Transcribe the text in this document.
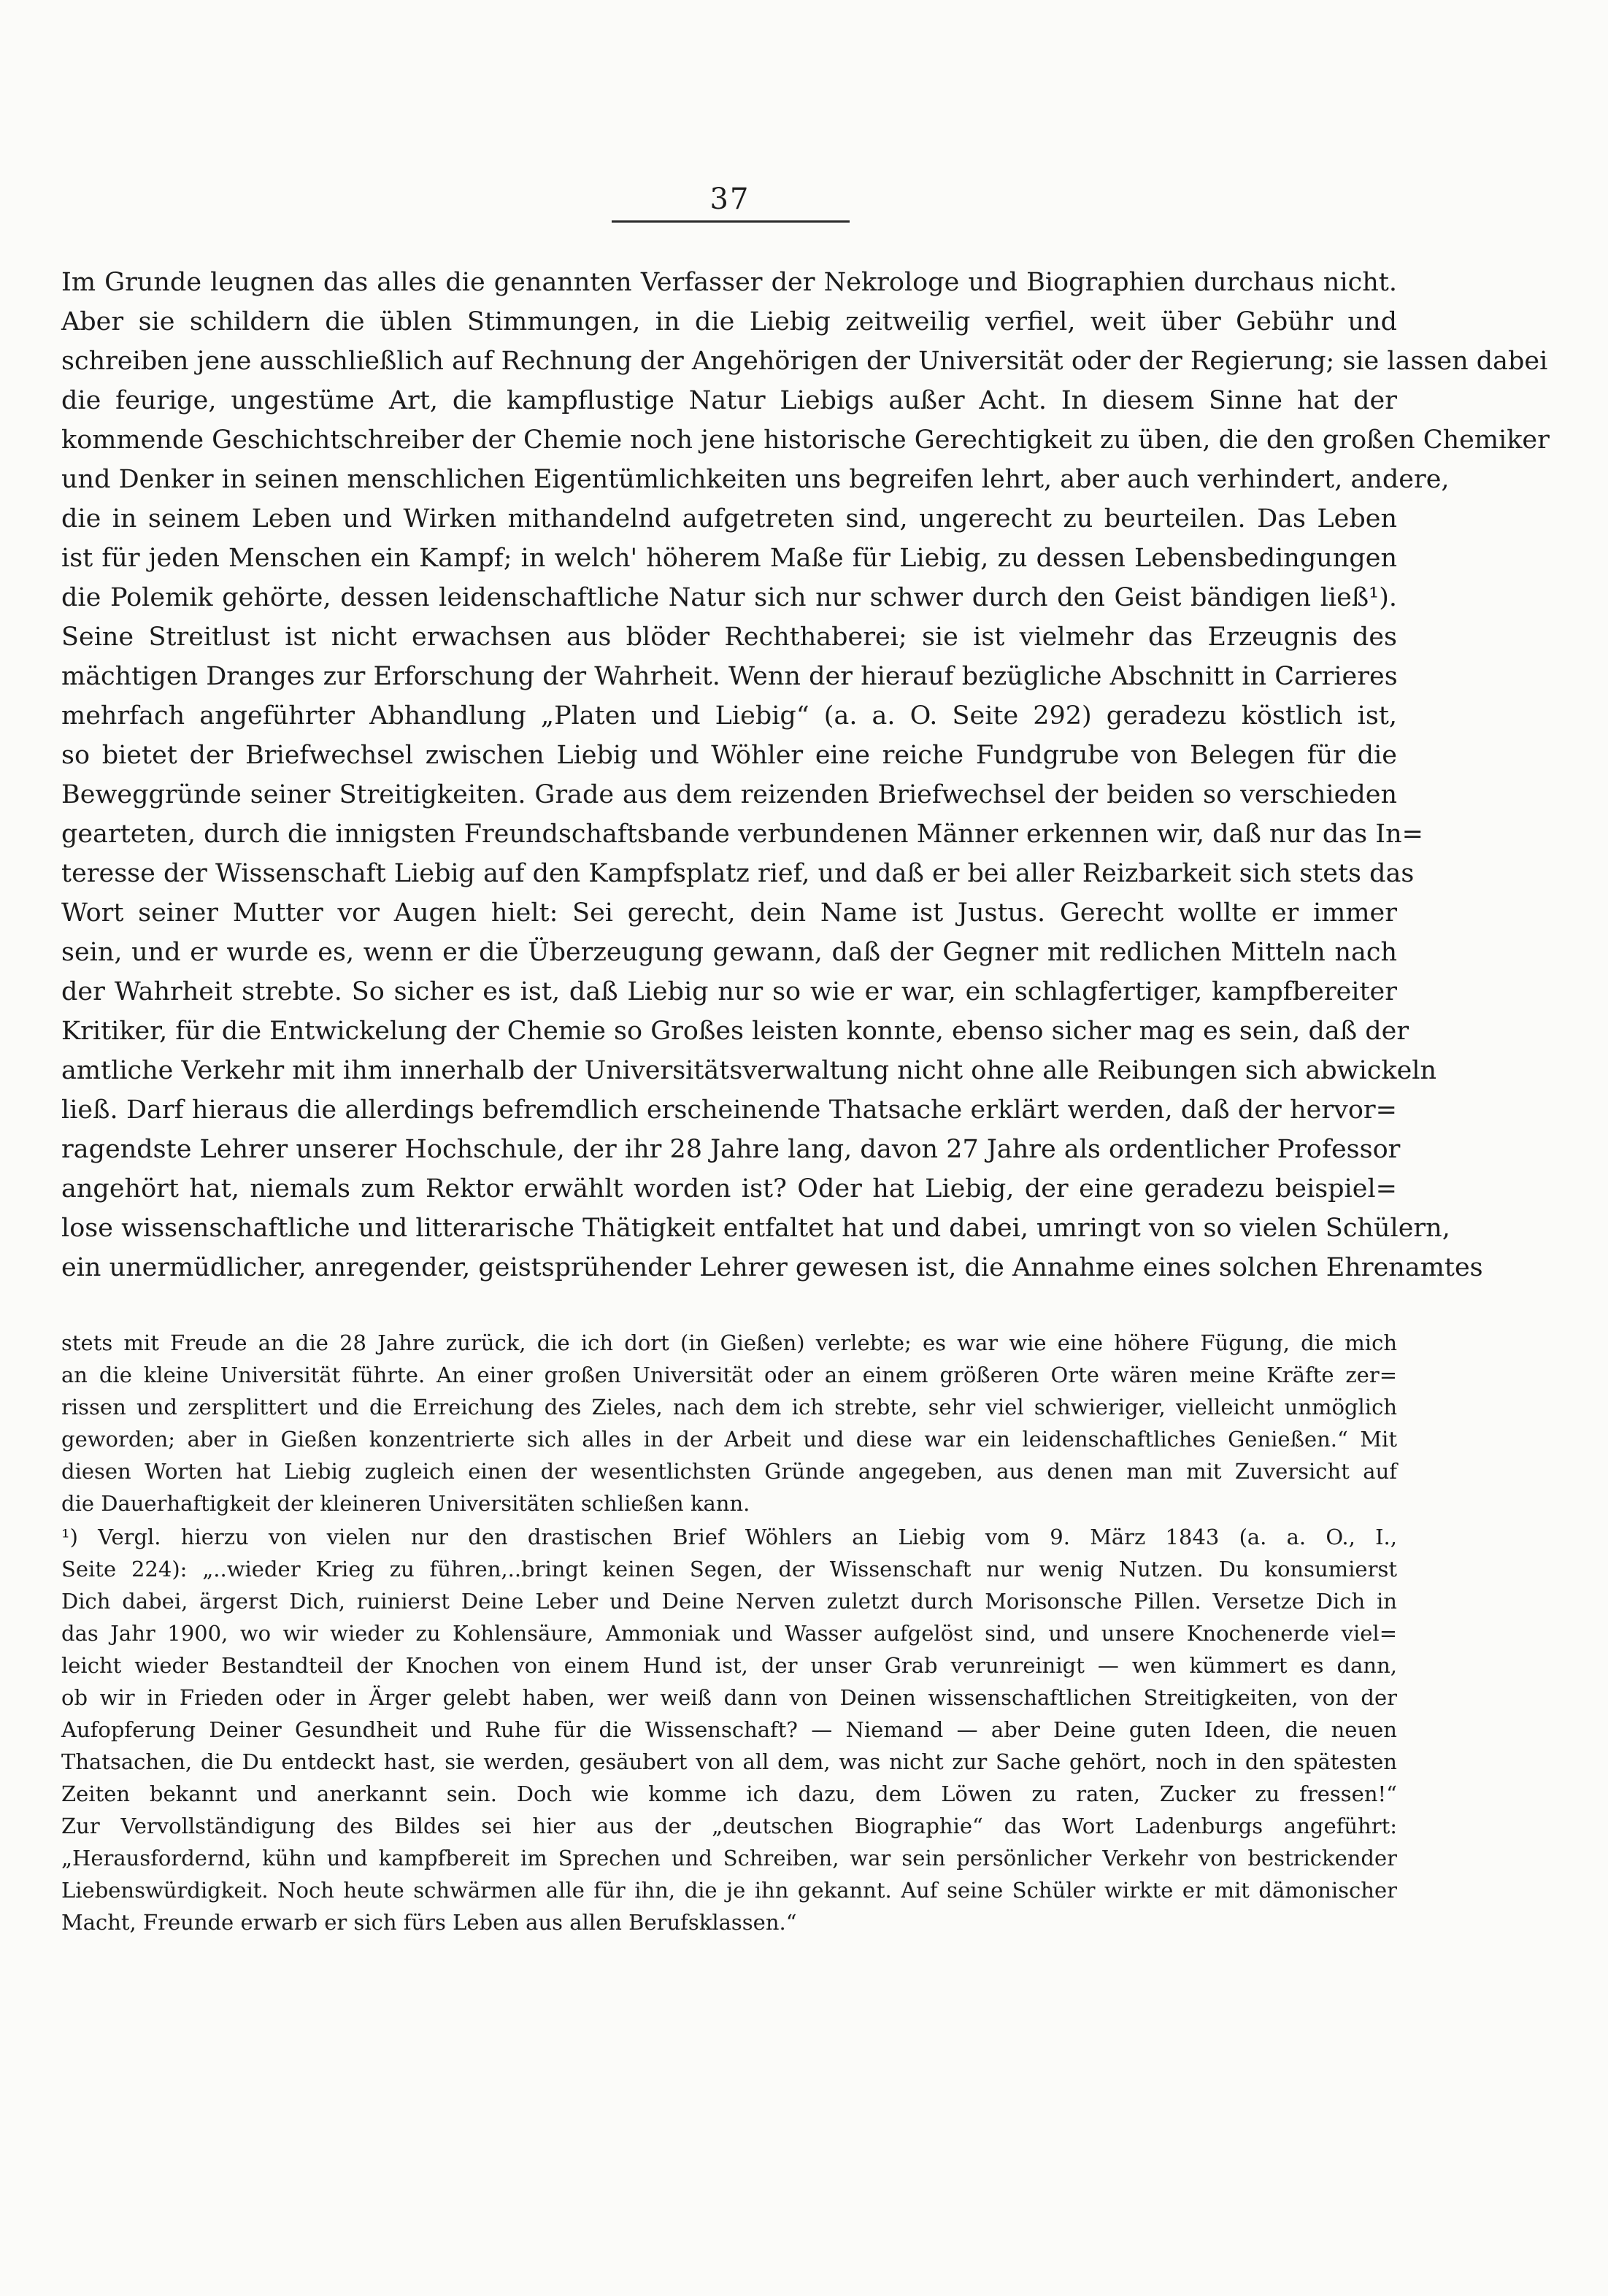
37
Im Grunde leugnen das alles die genannten Verfasser der Nekrologe und Biographien durchaus nicht.
Aber sie schildern die üblen Stimmungen, in die Liebig zeitweilig verfiel, weit über Gebühr und
schreiben jene ausschließlich auf Rechnung der Angehörigen der Universität oder der Regierung; sie lassen dabei
die feurige, ungestüme Art, die kampflustige Natur Liebigs außer Acht. In diesem Sinne hat der
kommende Geschichtschreiber der Chemie noch jene historische Gerechtigkeit zu üben, die den großen Chemiker
und Denker in seinen menschlichen Eigentümlichkeiten uns begreifen lehrt, aber auch verhindert, andere,
die in seinem Leben und Wirken mithandelnd aufgetreten sind, ungerecht zu beurteilen. Das Leben
ist für jeden Menschen ein Kampf; in welch' höherem Maße für Liebig, zu dessen Lebensbedingungen
die Polemik gehörte, dessen leidenschaftliche Natur sich nur schwer durch den Geist bändigen ließ¹).
Seine Streitlust ist nicht erwachsen aus blöder Rechthaberei; sie ist vielmehr das Erzeugnis des
mächtigen Dranges zur Erforschung der Wahrheit. Wenn der hierauf bezügliche Abschnitt in Carrieres
mehrfach angeführter Abhandlung „Platen und Liebig“ (a. a. O. Seite 292) geradezu köstlich ist,
so bietet der Briefwechsel zwischen Liebig und Wöhler eine reiche Fundgrube von Belegen für die
Beweggründe seiner Streitigkeiten. Grade aus dem reizenden Briefwechsel der beiden so verschieden
gearteten, durch die innigsten Freundschaftsbande verbundenen Männer erkennen wir, daß nur das In=
teresse der Wissenschaft Liebig auf den Kampfsplatz rief, und daß er bei aller Reizbarkeit sich stets das
Wort seiner Mutter vor Augen hielt: Sei gerecht, dein Name ist Justus. Gerecht wollte er immer
sein, und er wurde es, wenn er die Überzeugung gewann, daß der Gegner mit redlichen Mitteln nach
der Wahrheit strebte. So sicher es ist, daß Liebig nur so wie er war, ein schlagfertiger, kampfbereiter
Kritiker, für die Entwickelung der Chemie so Großes leisten konnte, ebenso sicher mag es sein, daß der
amtliche Verkehr mit ihm innerhalb der Universitätsverwaltung nicht ohne alle Reibungen sich abwickeln
ließ. Darf hieraus die allerdings befremdlich erscheinende Thatsache erklärt werden, daß der hervor=
ragendste Lehrer unserer Hochschule, der ihr 28 Jahre lang, davon 27 Jahre als ordentlicher Professor
angehört hat, niemals zum Rektor erwählt worden ist? Oder hat Liebig, der eine geradezu beispiel=
lose wissenschaftliche und litterarische Thätigkeit entfaltet hat und dabei, umringt von so vielen Schülern,
ein unermüdlicher, anregender, geistsprühender Lehrer gewesen ist, die Annahme eines solchen Ehrenamtes
stets mit Freude an die 28 Jahre zurück, die ich dort (in Gießen) verlebte; es war wie eine höhere Fügung, die mich
an die kleine Universität führte. An einer großen Universität oder an einem größeren Orte wären meine Kräfte zer=
rissen und zersplittert und die Erreichung des Zieles, nach dem ich strebte, sehr viel schwieriger, vielleicht unmöglich
geworden; aber in Gießen konzentrierte sich alles in der Arbeit und diese war ein leidenschaftliches Genießen.“ Mit
diesen Worten hat Liebig zugleich einen der wesentlichsten Gründe angegeben, aus denen man mit Zuversicht auf
die Dauerhaftigkeit der kleineren Universitäten schließen kann.
¹) Vergl. hierzu von vielen nur den drastischen Brief Wöhlers an Liebig vom 9. März 1843 (a. a. O., I.,
Seite 224): „..wieder Krieg zu führen,..bringt keinen Segen, der Wissenschaft nur wenig Nutzen. Du konsumierst
Dich dabei, ärgerst Dich, ruinierst Deine Leber und Deine Nerven zuletzt durch Morisonsche Pillen. Versetze Dich in
das Jahr 1900, wo wir wieder zu Kohlensäure, Ammoniak und Wasser aufgelöst sind, und unsere Knochenerde viel=
leicht wieder Bestandteil der Knochen von einem Hund ist, der unser Grab verunreinigt — wen kümmert es dann,
ob wir in Frieden oder in Ärger gelebt haben, wer weiß dann von Deinen wissenschaftlichen Streitigkeiten, von der
Aufopferung Deiner Gesundheit und Ruhe für die Wissenschaft? — Niemand — aber Deine guten Ideen, die neuen
Thatsachen, die Du entdeckt hast, sie werden, gesäubert von all dem, was nicht zur Sache gehört, noch in den spätesten
Zeiten bekannt und anerkannt sein. Doch wie komme ich dazu, dem Löwen zu raten, Zucker zu fressen!“
Zur Vervollständigung des Bildes sei hier aus der „deutschen Biographie“ das Wort Ladenburgs angeführt:
„Herausfordernd, kühn und kampfbereit im Sprechen und Schreiben, war sein persönlicher Verkehr von bestrickender
Liebenswürdigkeit. Noch heute schwärmen alle für ihn, die je ihn gekannt. Auf seine Schüler wirkte er mit dämonischer
Macht, Freunde erwarb er sich fürs Leben aus allen Berufsklassen.“
